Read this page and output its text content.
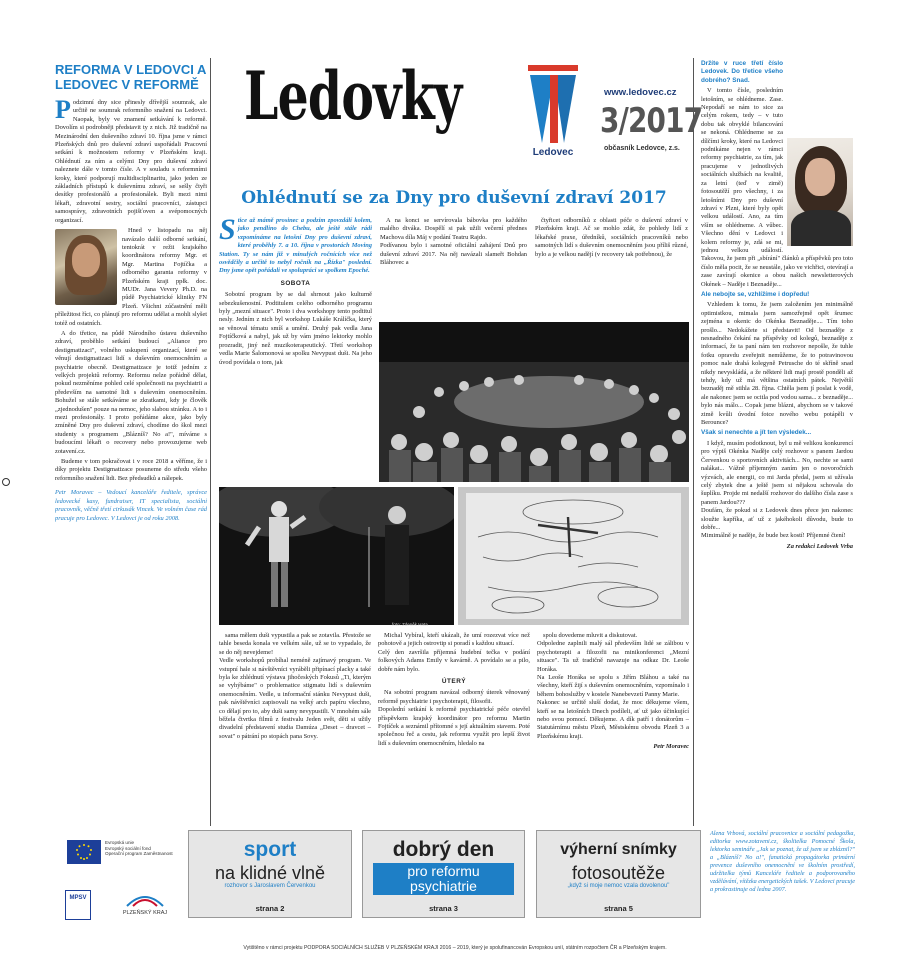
REFORMA V LEDOVCI A LEDOVEC V REFORMĚ

Podzimní dny sice přinesly dřívější soumrak, ale určitě ne soumrak reformního snažení na Ledovci. Naopak, byly ve znamení setkávání k reformě. Dovolím si podrobněji představit ty z nich. Již tradičně na Mezinárodní den duševního zdraví 10. října jsme v rámci Plzeňských dnů pro duševní zdraví uspořádali Pracovní setkání k možnostem reformy v Plzeňském kraji. Ohlédnutí za ním a celými Dny pro duševní zdraví naleznete dále v tomto čísle. A v souladu s reformními kroky, které podporují multidisciplinaritu, jako jeden ze základních přístupů k duševnímu zdraví, se sešly čtyři desítky profesionálů a profesionálek. Byli mezi nimi lékaři, zdravotní sestry, sociální pracovníci, zástupci samosprávy, zdravotních pojišťoven a svépomocných organizací.

Hned v listopadu na něj navázalo další odborné setkání, tentokrát v režii krajského koordinátora reformy Mgr. et Mgr. Martina Fojtíčka a odborného garanta reformy v Plzeňském kraji ppłk. doc. MUDr. Jana Vevery Ph.D. na půdě Psychiatrické kliniky FN Plzeň. Všichni zúčastnění měli příležitost říci, co plánují pro reformu udělat a mohli slyšet totéž od ostatních.

A do třetice, na půdě Národního ústavu duševního zdraví, proběhlo setkání budoucí „Aliance pro destigmatizaci", volného uskupení organizací, které se věnují destigmatizaci lidí s duševním onemocněním a psychiatrie obecně. Destigmatizace je totiž jedním z velkých projektů reformy. Reformu nelze pořádně dělat, pokud nezměníme pohled celé společnosti na psychiatrii a především na samotné lidi s duševním onemocněním. Bohužel se stále setkáváme se zkratkami, kdy je člověk „zjednodušen" pouze na nemoc, jeho slabou stránku. A to i mezi profesionály. I proto pořádáme akce, jako byly zmíněné Dny pro duševní zdraví, chodíme do škol mezi studenty s programem „Blázníš? No a!", míváme s budoucími lékaři o recovery nebo provozujeme web zotavení.cz.

Budeme v tom pokračovat i v roce 2018 a věříme, že i díky projektu Destigmatizace posuneme do středu všeho reformního snažení lidi. Bez předsudků a nálepek.

Petr Moravec – Vedoucí kanceláře ředitele, správce ledovecké kasy, fundraiser, IT specialista, sociální pracovník, věčně třetí cirkusák Vincek. Ve volném čase rád pracuje pro Ledovec. V Ledovci je od roku 2008.
Ledovky
Ledovec
www.ledovec.cz
3/2017
občasník Ledovce, z.s.
Ohlédnutí se za Dny pro duševní zdraví 2017

Stice až mámě prosinec a podzim zpovzdálí kolem, jako pendlino do Chebu, ale ještě stále rádi vzpomínáme na letošní Dny pro duševní zdraví, které proběhly 7. a 10. října v prostorách Moving Station. Ty se nám již v minulých ročnících více než osvědčily a určitě to nebyl ročník na „Řízka" poslední. Dny jsme opět pořádali ve spolupráci se spolkem Epoché.

SOBOTA

Sobotní program by se dal shrnout jako kulturně sebezkušenostní. Podtitulem celého odborného programu byly „mezní situace". Proto i dva workshopy tento podtitul nesly. Jedním z nich byl workshop Lukáše Králíčka, který se věnoval tématu smíš a umění. Druhý pak vedla Jana Fojtíčková a nabyl, jak už by vám jméno lektorky mohlo prozradit, jiný než muzikoterapeutický. Třetí workshop vedla Marie Šalomonová se spolku Nevypust duši. Na jeho úvod povídala o tom, jak

A na konci se servírovala bábovka pro každého malého diváka. Dospělí si pak užili večerní přednes Machova díla Máj v podání Teatru Rajdo.
Podívanou bylo i samotné oficiální zahájení Dnů pro duševní zdraví 2017. Na něj navázali slameřt Bohdan Bláhovec a

čtyřicet odborníků z oblasti péče o duševní zdraví v Plzeňském kraji. Ač se mohlo zdát, že pohledy lidí z lékařské praxe, úředníků, sociálních pracovníků nebo samotných lidí s duševním onemocněním jsou příliš různé, bylo a je velkou nadějí (v recovery tak potřebnou), že

foto: Zdeněk Hata

sama mělem duši vypustila a pak se zotavila. Přestože se tahle beseda konala ve velkém sále, už se to vypadalo, že se do něj nevejdeme!
Vedle workshopů probíhal neméně zajímavý program. Ve vstupní hale si návštěvníci vyráběli připínací placky a také byla ke zhlédnutí výstava jihočeských Fokusů „Ti, kterým se vyhýbáme" o problematice stigmatu lidí s duševním onemocněním. Vedle, u informační stánku Nevypust duši, pak návštěvníci zapisovali na velký arch papíru všechno, co dělají pro to, aby duši samy nevypustili. V mnohém sále běžela čtvrtka filmů z festivalu Jeden svět, děti si užily divadelní představení studia Damúza „Deset – dravcet – sovat" o pátrání po stopách pana Sovy.

Michal Vybíral, kteří ukázali, že umí rozezvat více než pohotově a jejich ostrovtip si poradí s každou situací.
Celý den završila příjemná hudební tečka v podání folkových Adams Emily v kavárně. A povídalo se a pilo, dobře nám bylo.

ÚTERÝ

Na sobotní program navázal odborný úterek věnovaný reformě psychiatrie i psychoterapii, filosofii.
Dopolední setkání k reformě psychiatrické péče otevřel příspěvkem krajský koordinátor pro reformu Martin Fojtíček a seznámil přítomné s její aktuálním stavem. Poté společnou řeč a cestu, jak reformu využít pro lepší život lidí s duševním onemocněním, hledalo na

spolu dovedeme mluvit a diskutovat.
Odpoledne zaplnili malý sál především lidé se zálibou v psychoterapii a filozofii na minikonferenci „Mezní situace". Ta už tradičně navazuje na odkaz Dr. Leoše Horáka.
Na Leoše Horáka se spolu s Jiřím Bláhou a také na všechny, kteří žijí s duševním onemocněním, vzpomínalo i během bohoslužby v kostele Nanebevzetí Panny Marie.
Nakonec se určitě sluší dodat, že moc děkujeme všem, kteří se na letošních Dnech podíleli, ať už jako účinkující nebo svou pomocí. Děkujeme. A dík patří i donátorům – Statutárnímu městu Plzeň, Městskému obvodu Plzeň 3 a Plzeňskému kraji.

Petr Moravec
Držíte v ruce třetí číslo Ledovek. Do třetice všeho dobrého? Snad.

V tomto čísle, posledním letošním, se ohlédneme. Zase. Nepodaří se nám to sice za celým rokem, tedy – v tuto dobu tak obvyklé bilancování se nekoná. Ohlédneme se za dílčími kroky, které na Ledovci podnikáme nejen v rámci reformy psychiatrie, za tím, jak pracujeme v jednotlivých sociálních službách na kvalitě, za letní (teď v zimě) fotosoutěží pro všechny, i za letošními Dny pro duševní zdraví v Plzni, které byly opět velkou událostí. Ano, za tím vším se ohlédneme. A vůbec. Všechno dění v Ledovci i kolem reformy je, zdá se mi, jednou velkou událostí. Takovou, že jsem při „sbírání" článků a příspěvků pro toto číslo měla pocit, že se neustále, jako ve vichřici, otevírají a zase zavírají okenice a obou našich newsletterových Okének – Naděje i Beznaděje...

Ale nebojte se, vzhlížíme i dopředu!

Vzhledem k tomu, že jsem založením jen minimálně optimistkou, mimala jsem samozřejmě opět šrumec zejména u okenic do Okénka Beznaděje.... Tím toho prošlo... Nedokážete si představit! Od beznaděje z nesnadného čekání na příspěvky od kolegů, beznaděje z informací, že ta paní nám ten rozhovor nepošle, že tuhle fotku opravdu zveřejnit nemůžeme, že to potravinovou pomoc nale drahá kolegyně Petrusche do té skříně snad nikdy nevyskládá, a že některé lidi mají prostě ponděli až tehdy, kdy už má většina ostatních pátek. Největší beznaděj mě stihla 28. října. Chtěla jsem jí poslat k vodě, ale nakonec jsem se ocitla pod vodou sama... z beznaděje... bylo nás málo... Copak jsme blázni, abychom se v takové zimě kvůli úvodní fotce nového webu potápěli v Berounce?

Však si nenechte a jít ten výsledek...

I když, musím podotknout, byl u mě velikou konkurencí pro výpiš Okénka Naděje celý rozhovor s panem Jardou Červenkou o sportovních aktivitách... No, nechte se sami nalákat... Vážně příjemným zaním jen o novoročních výzvách, ale energii, co mi Jarda předal, jsem si užívala celý zbytek dne a ještě jsem si nějakou schovala do šuplíku. Projde mi nedalší rozhovor do dalšího čísla zase s panem Jardou???
Doufám, že pokud si z Ledovek dnes přece jen nakonec sloužte kapříka, ať už z jakéhokoli důvodu, bude to dobře...
Mimimálně je naděje, že bude bez kostí! Příjemné čtení!

Za redakci Ledovek Vrba
Evropská unie
Evropský sociální fond
Operační program Zaměstnanost
MPSV
PLZEŇSKÝ KRAJ
sport
na klidné vlně
rozhovor s Jaroslavem Červenkou
strana 2
dobrý den
pro reformu psychiatrie
strana 3
výherní snímky
fotosoutěže
„když si moje nemoc vzala dovolenou"
strana 5
Alena Vrbová, sociální pracovnice a sociální pedagožka, editorka www.zotaveni.cz, školitelka Pomocné Škola, lektorka semináře „Jak se poznat, že už jsem se zbláznil?" a „Blázníš? No a!", fanatická propagátorka primární prevence duševního onemocnění ve školním prostředí, udržitelka týmů Kanceláře ředitele a podporovaného vzdělávání, vítězka energetických tašek. V Ledovci pracuje a prokrastinuje od ledna 2007.
Vytištěno v rámci projektu PODPORA SOCIÁLNÍCH SLUŽEB V PLZEŇSKÉM KRAJI 2016 – 2019, který je spolufinancován Evropskou unií, státním rozpočtem ČR a Plzeňským krajem.
